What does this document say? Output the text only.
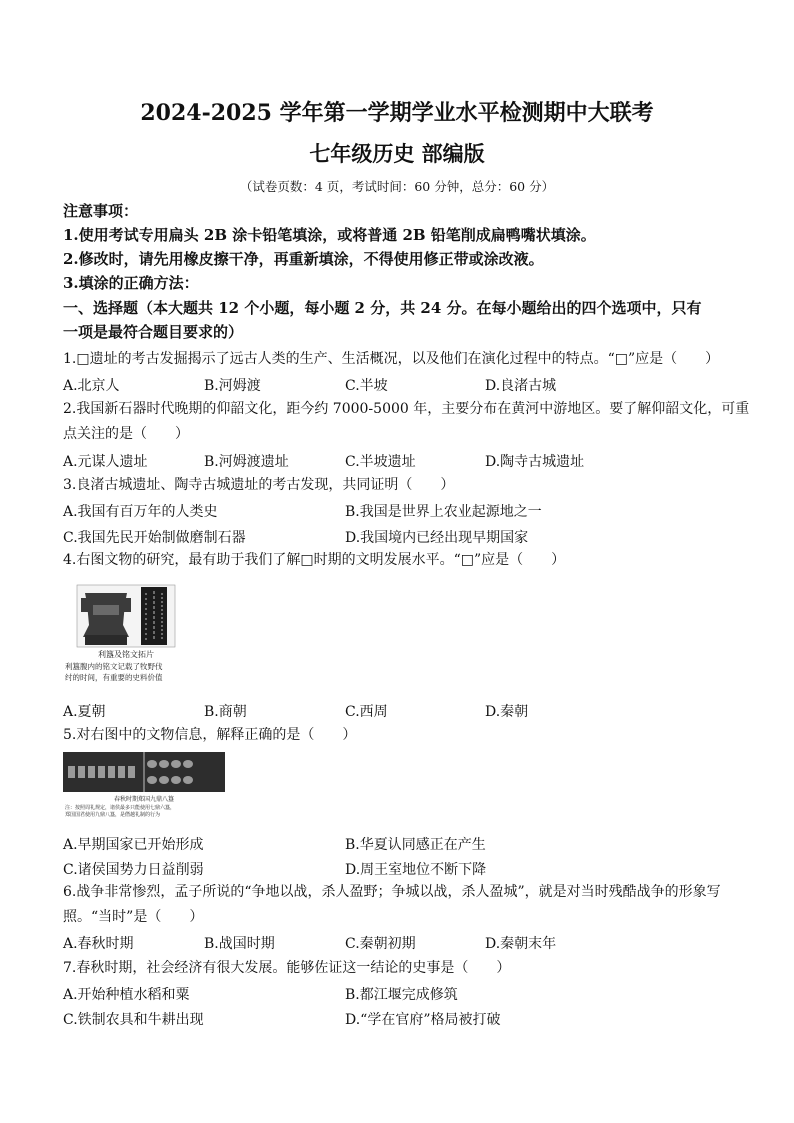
2024-2025 学年第一学期学业水平检测期中大联考
七年级历史 部编版
（试卷页数：4 页，考试时间：60 分钟，总分：60 分）
注意事项：
1.使用考试专用扁头 2B 涂卡铅笔填涂，或将普通 2B 铅笔削成扁鸭嘴状填涂。
2.修改时，请先用橡皮擦干净，再重新填涂，不得使用修正带或涂改液。
3.填涂的正确方法：
一、选择题（本大题共 12 个小题，每小题 2 分，共 24 分。在每小题给出的四个选项中，只有
一项是最符合题目要求的）
1.□遗址的考古发掘揭示了远古人类的生产、生活概况，以及他们在演化过程中的特点。“□”应是（　　）
A.北京人	B.河姆渡	C.半坡	D.良渚古城
2.我国新石器时代晚期的仰韶文化，距今约 7000-5000 年，主要分布在黄河中游地区。要了解仰韶文化，可重
点关注的是（　　）
A.元谋人遗址	B.河姆渡遗址	C.半坡遗址	D.陶寺古城遗址
3.良渚古城遗址、陶寺古城遗址的考古发现，共同证明（　　）
A.我国有百万年的人类史	B.我国是世界上农业起源地之一
C.我国先民开始制做磨制石器	D.我国境内已经出现早期国家
4.右图文物的研究，最有助于我们了解□时期的文明发展水平。“□”应是（　　）
利簋及铭文拓片
利簋腹内的铭文记载了牧野伐
纣的时间，有重要的史料价值
A.夏朝	B.商朝	C.西周	D.秦朝
5.对右图中的文物信息，解释正确的是（　　）
春秋时期郑国九鼎八簋
注：按照周礼规定，诸侯最多只能使用七鼎六簋，
郑国国君使用九鼎八簋，是僭越礼制的行为
A.早期国家已开始形成	B.华夏认同感正在产生
C.诸侯国势力日益削弱	D.周王室地位不断下降
6.战争非常惨烈，孟子所说的“争地以战，杀人盈野；争城以战，杀人盈城”，就是对当时残酷战争的形象写
照。“当时”是（　　）
A.春秋时期	B.战国时期	C.秦朝初期	D.秦朝末年
7.春秋时期，社会经济有很大发展。能够佐证这一结论的史事是（　　）
A.开始种植水稻和粟	B.都江堰完成修筑
C.铁制农具和牛耕出现	D.“学在官府”格局被打破
